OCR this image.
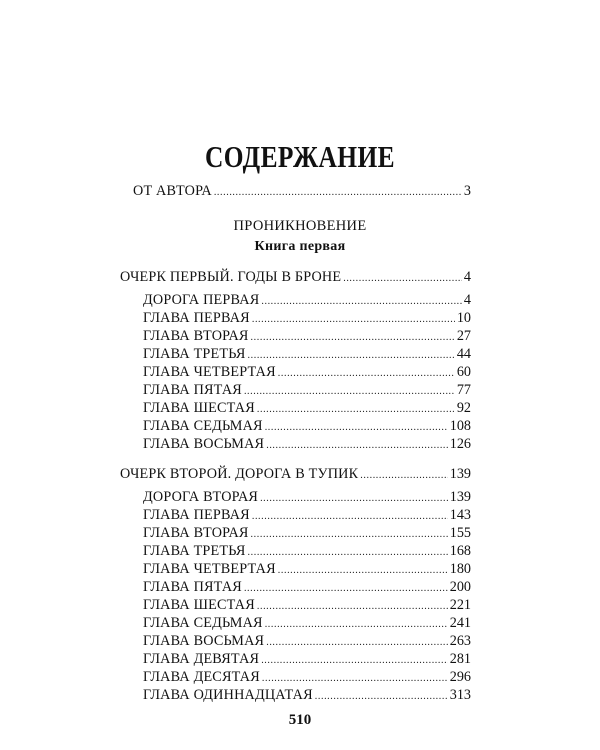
СОДЕРЖАНИЕ
ОТ АВТОРА .....	3
ПРОНИКНОВЕНИЕ
Книга первая
ОЧЕРК ПЕРВЫЙ. ГОДЫ В БРОНЕ .....	4
ДОРОГА ПЕРВАЯ .....	4
ГЛАВА ПЕРВАЯ .....	10
ГЛАВА ВТОРАЯ .....	27
ГЛАВА ТРЕТЬЯ .....	44
ГЛАВА ЧЕТВЕРТАЯ .....	60
ГЛАВА ПЯТАЯ .....	77
ГЛАВА ШЕСТАЯ .....	92
ГЛАВА СЕДЬМАЯ .....	108
ГЛАВА ВОСЬМАЯ .....	126
ОЧЕРК ВТОРОЙ. ДОРОГА В ТУПИК .....	139
ДОРОГА ВТОРАЯ .....	139
ГЛАВА ПЕРВАЯ .....	143
ГЛАВА ВТОРАЯ .....	155
ГЛАВА ТРЕТЬЯ .....	168
ГЛАВА ЧЕТВЕРТАЯ .....	180
ГЛАВА ПЯТАЯ .....	200
ГЛАВА ШЕСТАЯ .....	221
ГЛАВА СЕДЬМАЯ .....	241
ГЛАВА ВОСЬМАЯ .....	263
ГЛАВА ДЕВЯТАЯ .....	281
ГЛАВА ДЕСЯТАЯ .....	296
ГЛАВА ОДИННАДЦАТАЯ .....	313
510
